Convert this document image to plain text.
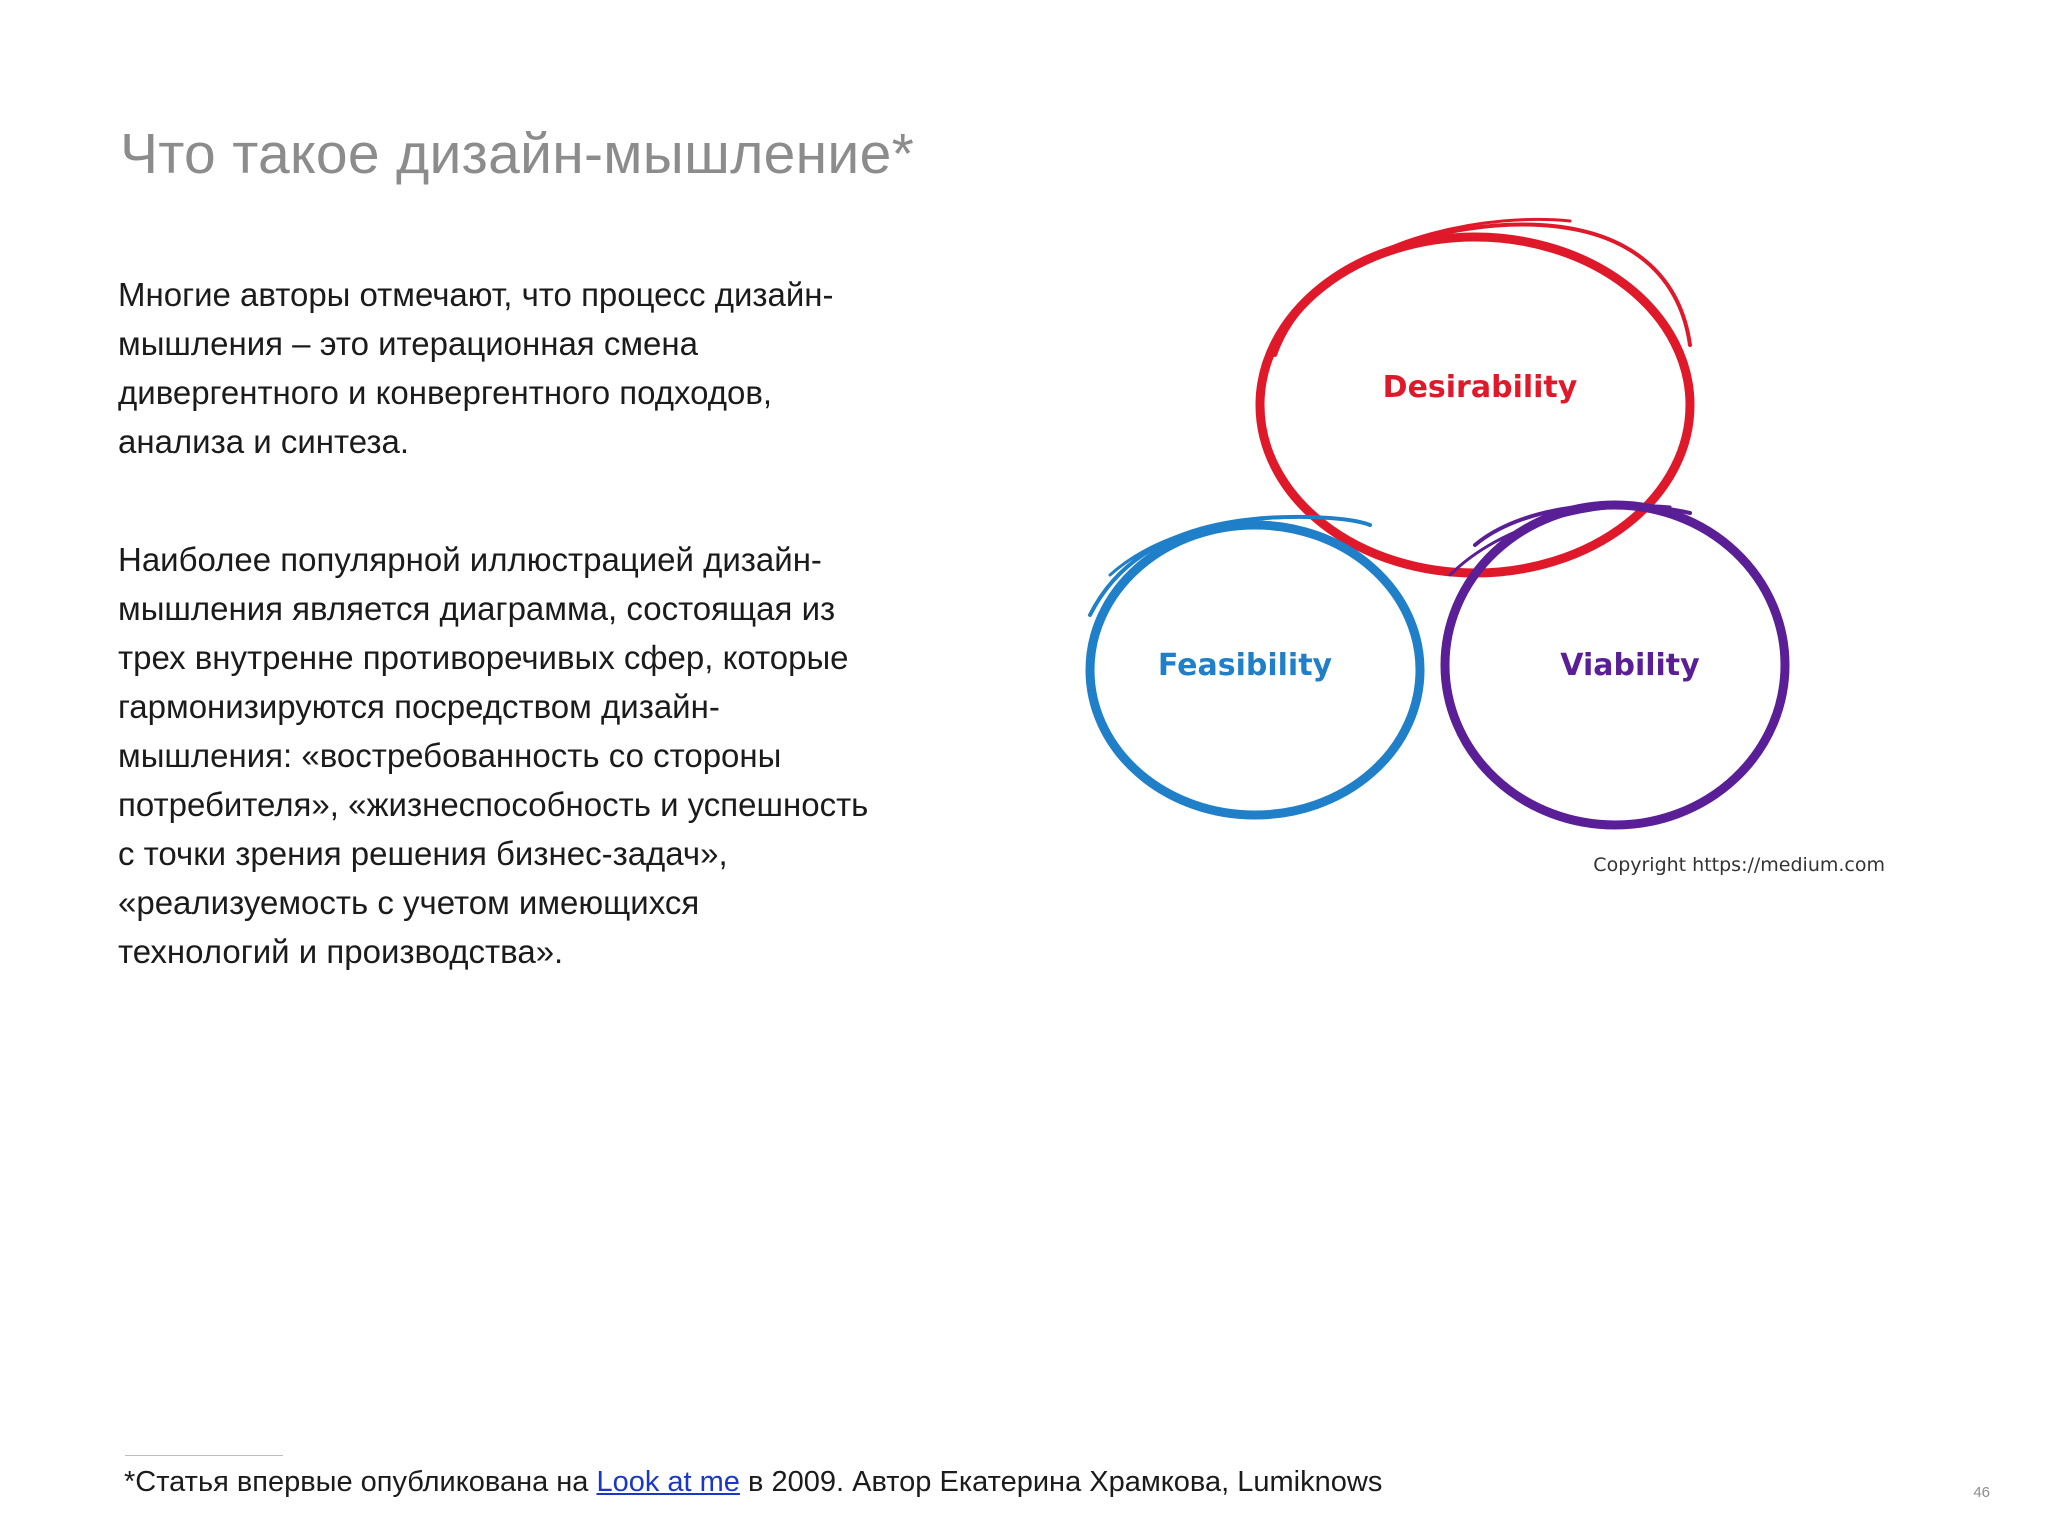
Что такое дизайн-мышление*

Многие авторы отмечают, что процесс дизайн-
мышления – это итерационная смена
дивергентного и конвергентного подходов,
анализа и синтеза.

Наиболее популярной иллюстрацией дизайн-
мышления является диаграмма, состоящая из
трех внутренне противоречивых сфер, которые
гармонизируются посредством дизайн-
мышления: «востребованность со стороны
потребителя», «жизнеспособность и успешность
с точки зрения решения бизнес-задач»,
«реализуемость с учетом имеющихся
технологий и производства».

Desirability
Feasibility	Viability
Copyright https://medium.com
*Статья впервые опубликована на Look at me в 2009. Автор Екатерина Храмкова, Lumiknows	46
